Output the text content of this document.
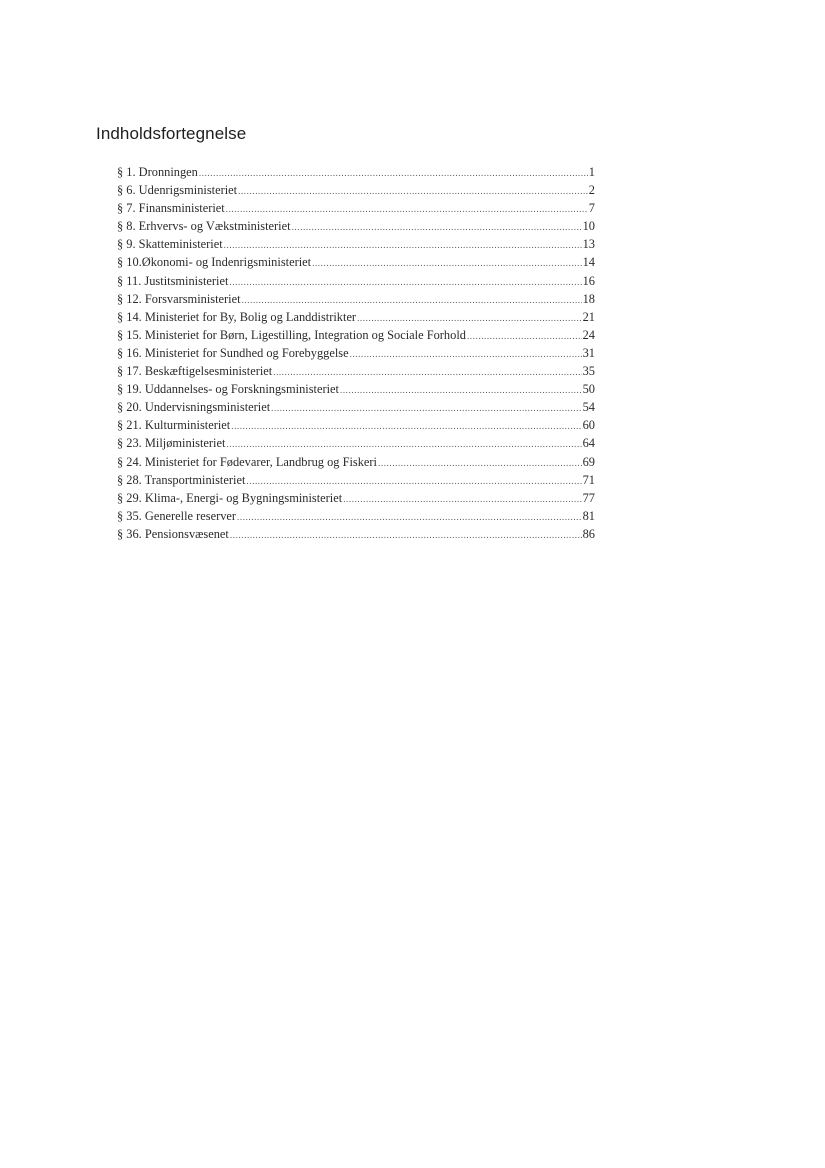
Indholdsfortegnelse
§ 1. Dronningen .....	1
§ 6. Udenrigsministeriet .....	2
§ 7. Finansministeriet .....	7
§ 8. Erhvervs- og Vækstministeriet .....	10
§ 9. Skatteministeriet .....	13
§ 10.Økonomi- og Indenrigsministeriet .....	14
§ 11. Justitsministeriet .....	16
§ 12. Forsvarsministeriet .....	18
§ 14. Ministeriet for By, Bolig og Landdistrikter .....	21
§ 15. Ministeriet for Børn, Ligestilling, Integration og Sociale Forhold .....	24
§ 16. Ministeriet for Sundhed og Forebyggelse .....	31
§ 17. Beskæftigelsesministeriet .....	35
§ 19. Uddannelses- og Forskningsministeriet .....	50
§ 20. Undervisningsministeriet .....	54
§ 21. Kulturministeriet .....	60
§ 23. Miljøministeriet .....	64
§ 24. Ministeriet for Fødevarer, Landbrug og Fiskeri .....	69
§ 28. Transportministeriet .....	71
§ 29. Klima-, Energi- og Bygningsministeriet .....	77
§ 35. Generelle reserver .....	81
§ 36. Pensionsvæsenet .....	86
